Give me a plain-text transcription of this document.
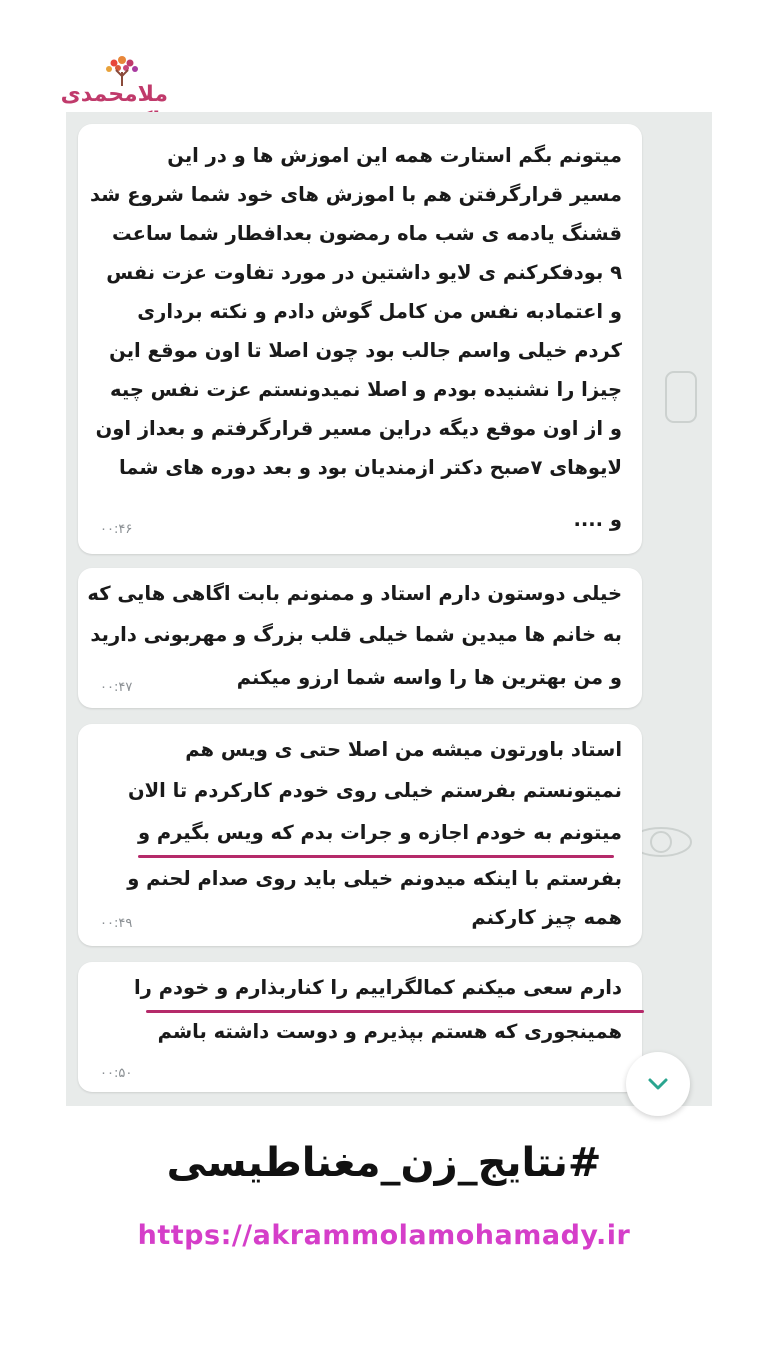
ملامحمدی
میتونم بگم استارت همه این اموزش ها و در این
مسیر قرارگرفتن هم با اموزش های خود شما شروع شد
قشنگ یادمه ی شب ماه رمضون بعدافطار شما ساعت
۹ بودفکرکنم ی لایو داشتین در مورد تفاوت عزت نفس
و اعتمادبه نفس من کامل گوش دادم و نکته برداری
کردم خیلی واسم جالب بود چون اصلا تا اون موقع این
چیزا را نشنیده بودم و اصلا نمیدونستم عزت نفس چیه
و از اون موقع دیگه دراین مسیر قرارگرفتم و بعداز اون
لایوهای ۷صبح دکتر ازمندیان بود و بعد دوره های شما
و ....
۰۰:۴۶
خیلی دوستون دارم استاد و ممنونم بابت اگاهی هایی که
به خانم ها میدین شما خیلی قلب بزرگ و مهربونی دارید
و من بهترین ها را واسه شما ارزو میکنم
۰۰:۴۷
استاد باورتون میشه من اصلا حتی ی ویس هم
نمیتونستم بفرستم خیلی روی خودم کارکردم تا الان
میتونم به خودم اجازه و جرات بدم که ویس بگیرم و
بفرستم با اینکه میدونم خیلی باید روی صدام لحنم و
همه چیز کارکنم
۰۰:۴۹
دارم سعی میکنم کمالگراییم را کناربذارم و خودم را
همینجوری که هستم بپذیرم و دوست داشته باشم
۰۰:۵۰
#نتایج_زن_مغناطیسی
https://akrammolamohamady.ir
